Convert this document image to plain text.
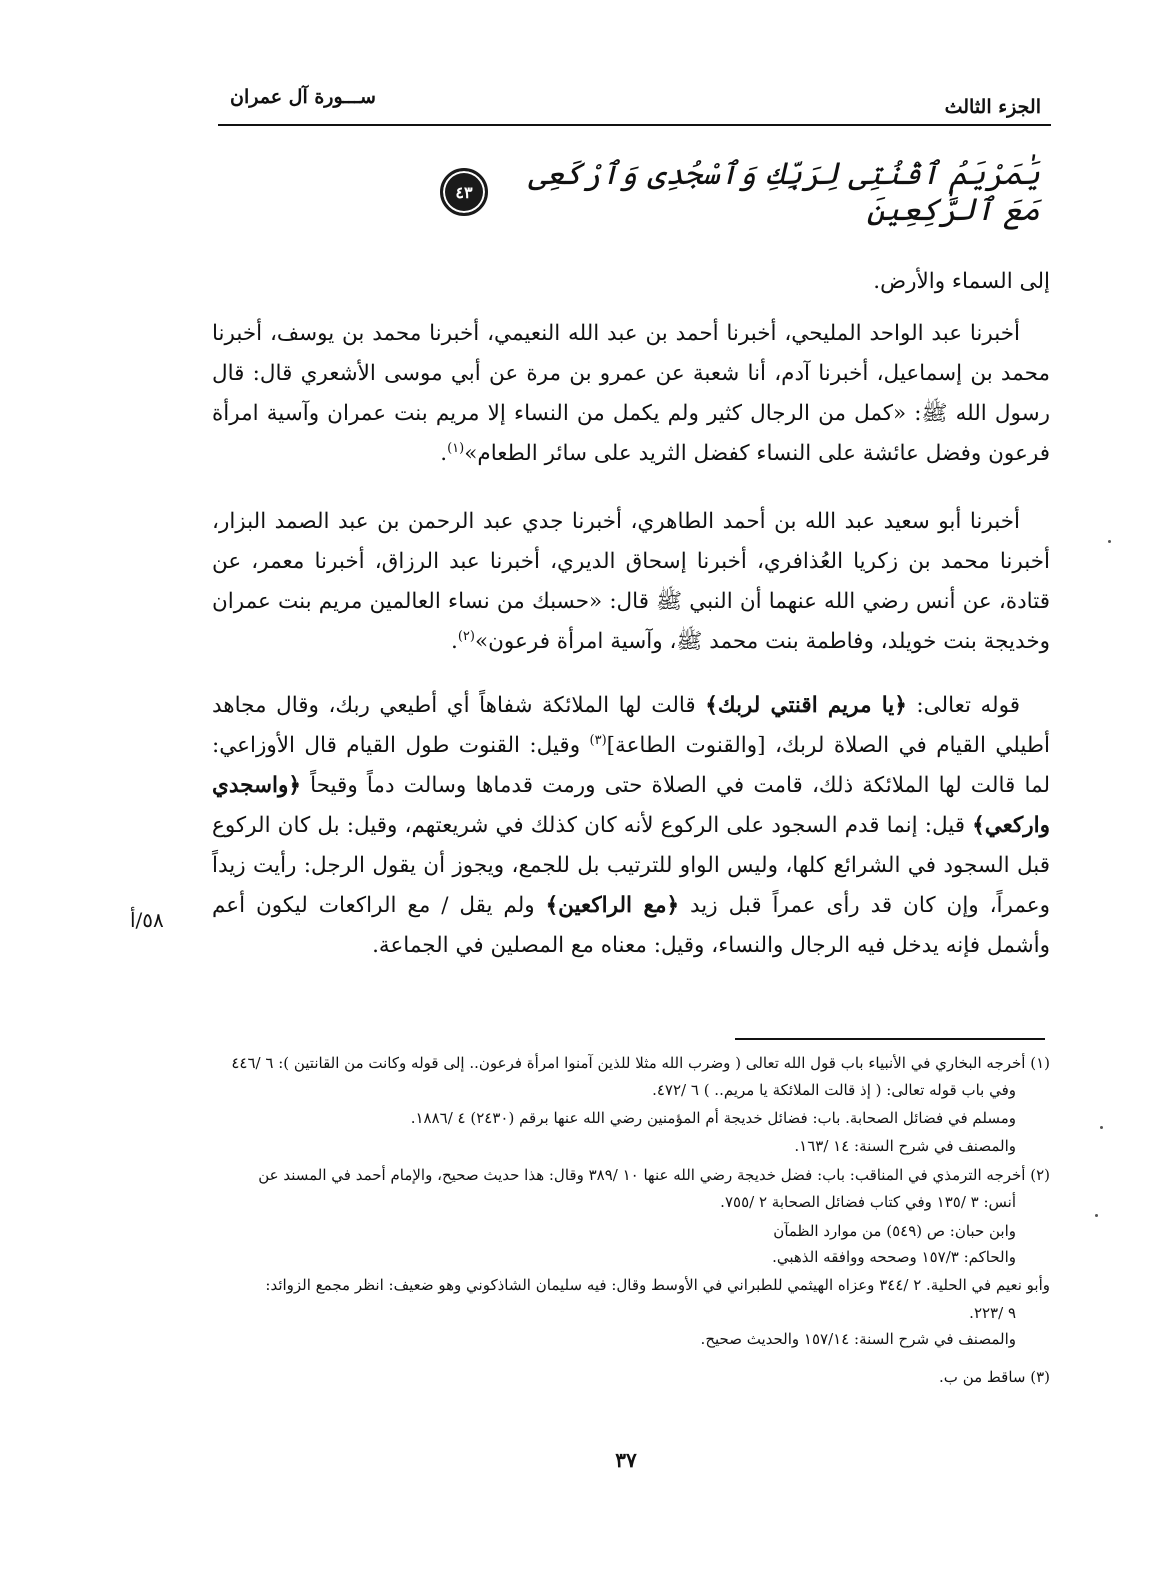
الجزء الثالث
ســـورة آل عمران
يَٰمَرْيَمُ ٱقْنُتِى لِرَبِّكِ وَٱسْجُدِى وَٱرْكَعِى مَعَ ٱلرَّٰكِعِينَ
٤٣
إلى السماء والأرض.
أخبرنا عبد الواحد المليحي، أخبرنا أحمد بن عبد الله النعيمي، أخبرنا محمد بن يوسف، أخبرنا محمد بن إسماعيل، أخبرنا آدم، أنا شعبة عن عمرو بن مرة عن أبي موسى الأشعري قال: قال رسول الله ﷺ: «كمل من الرجال كثير ولم يكمل من النساء إلا مريم بنت عمران وآسية امرأة فرعون وفضل عائشة على النساء كفضل الثريد على سائر الطعام»$^{(١)}$.
أخبرنا أبو سعيد عبد الله بن أحمد الطاهري، أخبرنا جدي عبد الرحمن بن عبد الصمد البزار، أخبرنا محمد بن زكريا العُذافري، أخبرنا إسحاق الديري، أخبرنا عبد الرزاق، أخبرنا معمر، عن قتادة، عن أنس رضي الله عنهما أن النبي ﷺ قال: «حسبك من نساء العالمين مريم بنت عمران وخديجة بنت خويلد، وفاطمة بنت محمد ﷺ، وآسية امرأة فرعون»$^{(٢)}$.
قوله تعالى: ﴿يا مريم اقنتي لربك﴾ قالت لها الملائكة شفاهاً أي أطيعي ربك، وقال مجاهد أطيلي القيام في الصلاة لربك، [والقنوت الطاعة]$^{(٣)}$ وقيل: القنوت طول القيام قال الأوزاعي: لما قالت لها الملائكة ذلك، قامت في الصلاة حتى ورمت قدماها وسالت دماً وقيحاً ﴿واسجدي واركعي﴾ قيل: إنما قدم السجود على الركوع لأنه كان كذلك في شريعتهم، وقيل: بل كان الركوع قبل السجود في الشرائع كلها، وليس الواو للترتيب بل للجمع، ويجوز أن يقول الرجل: رأيت زيداً وعمراً، وإن كان قد رأى عمراً قبل زيد ﴿مع الراكعين﴾ ولم يقل / مع الراكعات ليكون أعم وأشمل فإنه يدخل فيه الرجال والنساء، وقيل: معناه مع المصلين في الجماعة.
٥٨/أ
(١) أخرجه البخاري في الأنبياء باب قول الله تعالى ( وضرب الله مثلا للذين آمنوا امرأة فرعون.. إلى قوله وكانت من القانتين ): ٦ /٤٤٦
وفي باب قوله تعالى: ( إذ قالت الملائكة يا مريم.. ) ٦ /٤٧٢.
ومسلم في فضائل الصحابة. باب: فضائل خديجة أم المؤمنين رضي الله عنها برقم (٢٤٣٠) ٤ /١٨٨٦.
والمصنف في شرح السنة: ١٤ /١٦٣.
(٢) أخرجه الترمذي في المناقب: باب: فضل خديجة رضي الله عنها ١٠ /٣٨٩ وقال: هذا حديث صحيح، والإمام أحمد في المسند عن
أنس: ٣ /١٣٥ وفي كتاب فضائل الصحابة ٢ /٧٥٥.
وابن حبان: ص (٥٤٩) من موارد الظمآن
والحاكم: ١٥٧/٣ وصححه ووافقه الذهبي.
وأبو نعيم في الحلية. ٢ /٣٤٤ وعزاه الهيثمي للطبراني في الأوسط وقال: فيه سليمان الشاذكوني وهو ضعيف: انظر مجمع الزوائد:
٩ /٢٢٣.
والمصنف في شرح السنة: ١٥٧/١٤ والحديث صحيح.
(٣) ساقط من ب.
٣٧
